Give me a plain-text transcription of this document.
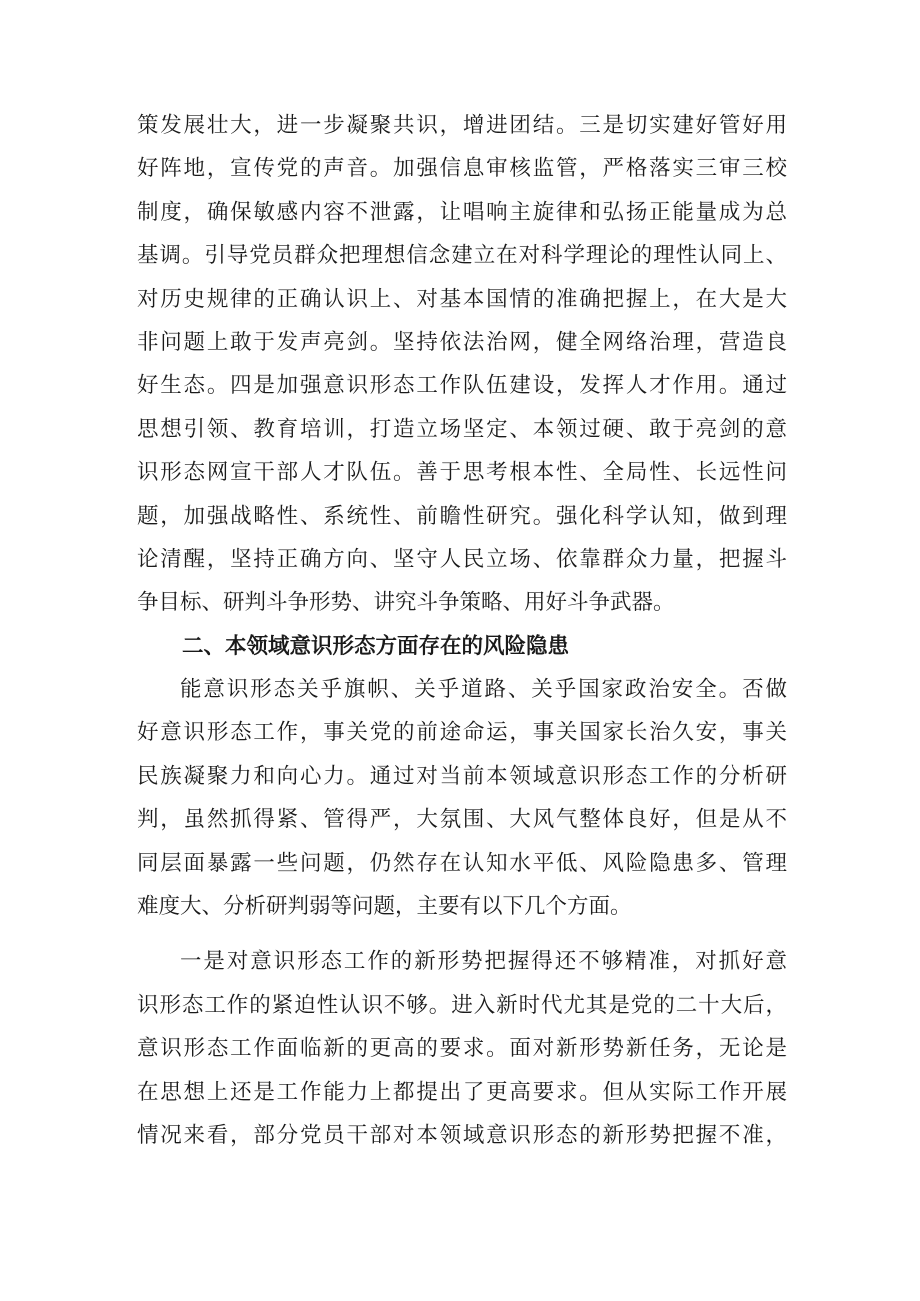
策发展壮大，进一步凝聚共识，增进团结。三是切实建好管好用
好阵地，宣传党的声音。加强信息审核监管，严格落实三审三校
制度，确保敏感内容不泄露，让唱响主旋律和弘扬正能量成为总
基调。引导党员群众把理想信念建立在对科学理论的理性认同上、
对历史规律的正确认识上、对基本国情的准确把握上，在大是大
非问题上敢于发声亮剑。坚持依法治网，健全网络治理，营造良
好生态。四是加强意识形态工作队伍建设，发挥人才作用。通过
思想引领、教育培训，打造立场坚定、本领过硬、敢于亮剑的意
识形态网宣干部人才队伍。善于思考根本性、全局性、长远性问
题，加强战略性、系统性、前瞻性研究。强化科学认知，做到理
论清醒，坚持正确方向、坚守人民立场、依靠群众力量，把握斗
争目标、研判斗争形势、讲究斗争策略、用好斗争武器。
二、本领域意识形态方面存在的风险隐患
能意识形态关乎旗帜、关乎道路、关乎国家政治安全。否做
好意识形态工作，事关党的前途命运，事关国家长治久安，事关
民族凝聚力和向心力。通过对当前本领域意识形态工作的分析研
判，虽然抓得紧、管得严，大氛围、大风气整体良好，但是从不
同层面暴露一些问题，仍然存在认知水平低、风险隐患多、管理
难度大、分析研判弱等问题，主要有以下几个方面。
一是对意识形态工作的新形势把握得还不够精准，对抓好意
识形态工作的紧迫性认识不够。进入新时代尤其是党的二十大后，
意识形态工作面临新的更高的要求。面对新形势新任务，无论是
在思想上还是工作能力上都提出了更高要求。但从实际工作开展
情况来看，部分党员干部对本领域意识形态的新形势把握不准，
